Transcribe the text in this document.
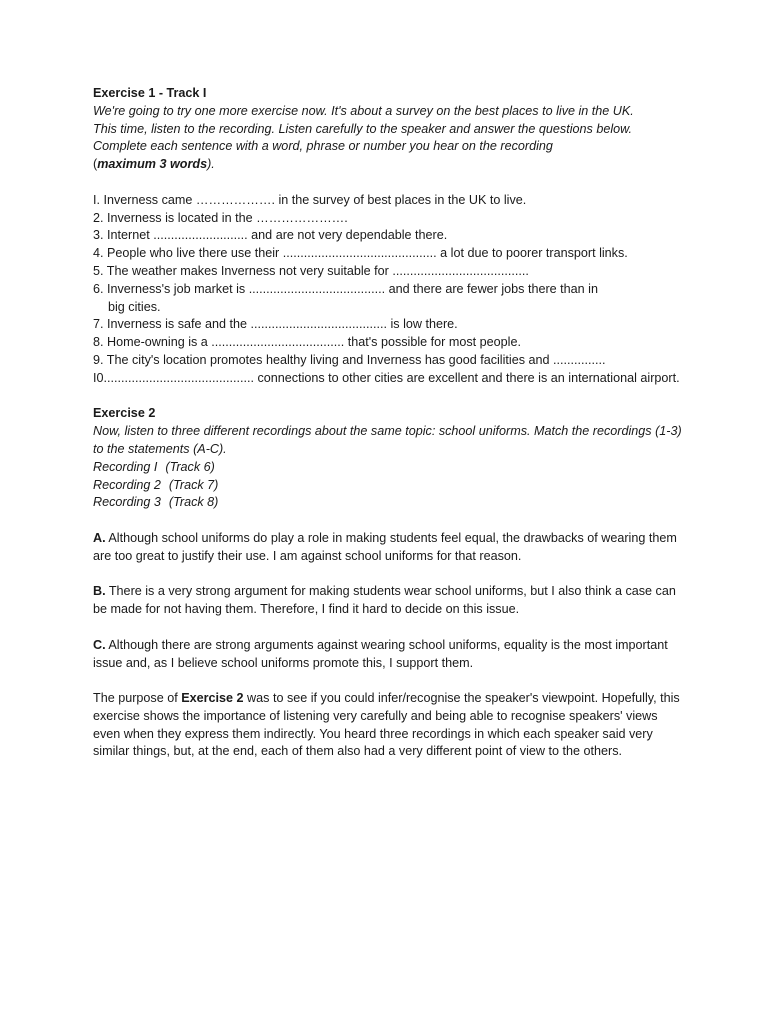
Exercise 1 - Track I

We're going to try one more exercise now. It's about a survey on the best places to live in the UK.

This time, listen to the recording. Listen carefully to the speaker and answer the questions below.

Complete each sentence with a word, phrase or number you hear on the recording
(maximum 3 words).

I. Inverness came ………………. in the survey of best places in the UK to live.

2. Inverness is located in the ………………….

3. Internet ........................... and are not very dependable there.

4. People who live there use their ............................................ a lot due to poorer transport links.

5. The weather makes Inverness not very suitable for .......................................

6. Inverness's job market is ....................................... and there are fewer jobs there than in
big cities.

7. Inverness is safe and the ....................................... is low there.

8. Home-owning is a ...................................... that's possible for most people.

9. The city's location promotes healthy living and Inverness has good facilities and ...............

I0........................................... connections to other cities are excellent and there is an international airport.

Exercise 2

Now, listen to three different recordings about the same topic: school uniforms. Match the recordings (1-3) to the statements (A-C).

Recording I (Track 6)

Recording 2 (Track 7)

Recording 3 (Track 8)

A. Although school uniforms do play a role in making students feel equal, the drawbacks of wearing them are too great to justify their use. I am against school uniforms for that reason.

B. There is a very strong argument for making students wear school uniforms, but I also think a case can be made for not having them. Therefore, I find it hard to decide on this issue.

C. Although there are strong arguments against wearing school uniforms, equality is the most important issue and, as I believe school uniforms promote this, I support them.

The purpose of Exercise 2 was to see if you could infer/recognise the speaker's viewpoint. Hopefully, this exercise shows the importance of listening very carefully and being able to recognise speakers' views even when they express them indirectly. You heard three recordings in which each speaker said very similar things, but, at the end, each of them also had a very different point of view to the others.
